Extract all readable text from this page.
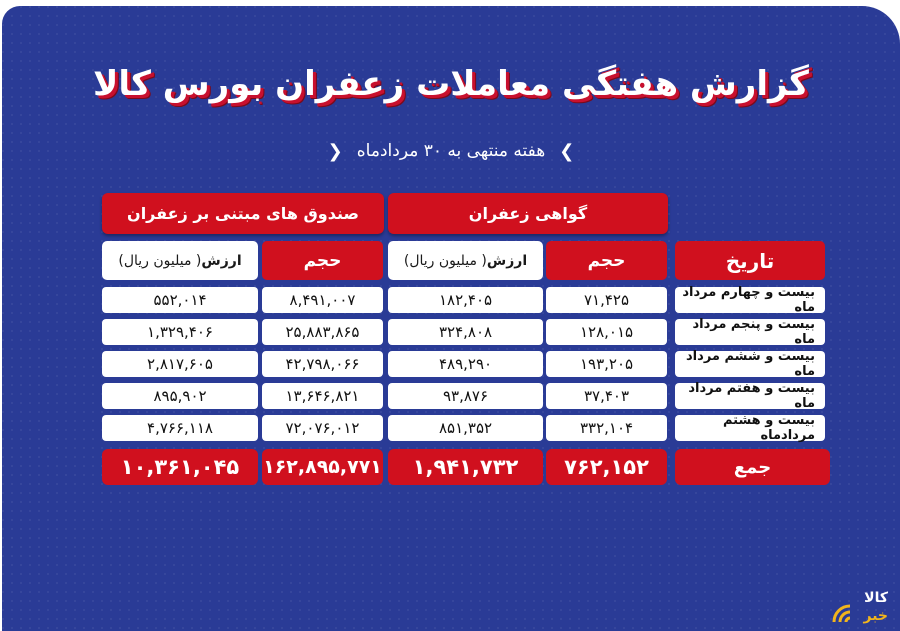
گزارش هفتگی معاملات زعفران بورس کالا
❯
هفته منتهی به ۳۰ مردادماه
❮
صندوق های مبتنی بر زعفران	گواهی زعفران
ارزش
( میلیون ریال)	حجم	ارزش
( میلیون ریال)	حجم	تاریخ
۵۵۲,۰۱۴	۸,۴۹۱,۰۰۷	۱۸۲,۴۰۵	۷۱,۴۲۵	بیست و چهارم مرداد ماه
۱,۳۲۹,۴۰۶	۲۵,۸۸۳,۸۶۵	۳۲۴,۸۰۸	۱۲۸,۰۱۵	بیست و پنجم مرداد ماه
۲,۸۱۷,۶۰۵	۴۲,۷۹۸,۰۶۶	۴۸۹,۲۹۰	۱۹۳,۲۰۵	بیست و ششم مرداد ماه
۸۹۵,۹۰۲	۱۳,۶۴۶,۸۲۱	۹۳,۸۷۶	۳۷,۴۰۳	بیست و هفتم مرداد ماه
۴,۷۶۶,۱۱۸	۷۲,۰۷۶,۰۱۲	۸۵۱,۳۵۲	۳۳۲,۱۰۴	بیست و هشتم مردادماه
۱۰,۳۶۱,۰۴۵	۱۶۲,۸۹۵,۷۷۱	۱,۹۴۱,۷۳۲	۷۶۲,۱۵۲	جمع
کالا
خبر
